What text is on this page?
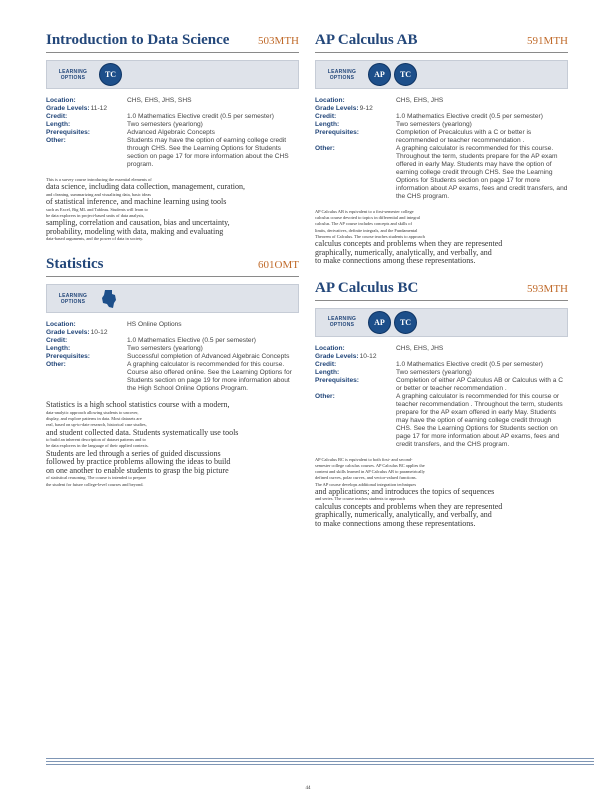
Introduction to Data Science	503MTH
LEARNING
OPTIONS	TC
Location:	CHS, EHS, JHS, SHS
Grade Levels: 11-12
Credit:	1.0 Mathematics Elective credit (0.5 per semester)
Length:	Two semesters (yearlong)
Prerequisites:	Advanced Algebraic Concepts
Other:	Students may have the option of earning college credit through CHS. See the Learning Options for Students section on page 17 for more information about the CHS program.

This is a survey course introducing the essential elements of

data science, including data collection, management, curation,

and cleaning, summarizing and visualizing data, basic ideas

of statistical inference, and machine learning using tools

such as Excel, Big ML and Tableau. Students will learn to

be data explorers in project-based units of data analysis,

sampling, correlation and causation, bias and uncertainty,

probability, modeling with data, making and evaluating

data-based arguments, and the power of data in society.

Statistics	601OMT
LEARNING
OPTIONS
Location:	HS Online Options
Grade Levels: 10-12
Credit:	1.0 Mathematics Elective (0.5 per semester)
Length:	Two semesters (yearlong)
Prerequisites:	Successful completion of Advanced Algebraic Concepts
Other:	A graphing calculator is recommended for this course. Course also offered online. See the Learning Options for Students section on page 19 for more information about the High School Online Options Program.

Statistics is a high school statistics course with a modern,

data-analytic approach allowing students to uncover,

display, and explore patterns in data. Most datasets are

real, based on up-to-date research, historical case studies,

and student collected data. Students systematically use tools

to build an inherent description of dataset patterns and to

be data explorers in the language of their applied contexts.

Students are led through a series of guided discussions

followed by practice problems allowing the ideas to build

on one another to enable students to grasp the big picture

of statistical reasoning. The course is intended to prepare

the student for future college-level courses and beyond.

AP Calculus AB	591MTH
LEARNING
OPTIONS	AP	TC
Location:	CHS, EHS, JHS
Grade Levels: 9-12
Credit:	1.0 Mathematics Elective credit (0.5 per semester)
Length:	Two semesters (yearlong)
Prerequisites:	Completion of Precalculus with a C or better is recommended or teacher recommendation .
Other:	A graphing calculator is recommended for this course. Throughout the term, students prepare for the AP exam offered in early May. Students may have the option of earning college credit through CHS. See the Learning Options for Students section on page 17 for more information about AP exams, fees and credit transfers, and the CHS program.

AP Calculus AB is equivalent to a first-semester college

calculus course devoted to topics in differential and integral

calculus. The AP course includes concepts and skills of

limits, derivatives, definite integrals, and the Fundamental

Theorem of Calculus. The course teaches students to approach

calculus concepts and problems when they are represented

graphically, numerically, analytically, and verbally, and

to make connections among these representations.

AP Calculus BC	593MTH
LEARNING
OPTIONS	AP	TC
Location:	CHS, EHS, JHS
Grade Levels: 10-12
Credit:	1.0 Mathematics Elective credit (0.5 per semester)
Length:	Two semesters (yearlong)
Prerequisites:	Completion of either AP Calculus AB or Calculus with a C or better or teacher recommendation .
Other:	A graphing calculator is recommended for this course or teacher recommendation . Throughout the term, students prepare for the AP exam offered in early May. Students may have the option of earning college credit through CHS. See the Learning Options for Students section on page 17 for more information about AP exams, fees and credit transfers, and the CHS program.

AP Calculus BC is equivalent to both first- and second-

semester college calculus courses. AP Calculus BC applies the

content and skills learned in AP Calculus AB to parametrically

defined curves, polar curves, and vector-valued functions.

The AP course develops additional integration techniques

and applications; and introduces the topics of sequences

and series. The course teaches students to approach

calculus concepts and problems when they are represented

graphically, numerically, analytically, and verbally, and

to make connections among these representations.

44
